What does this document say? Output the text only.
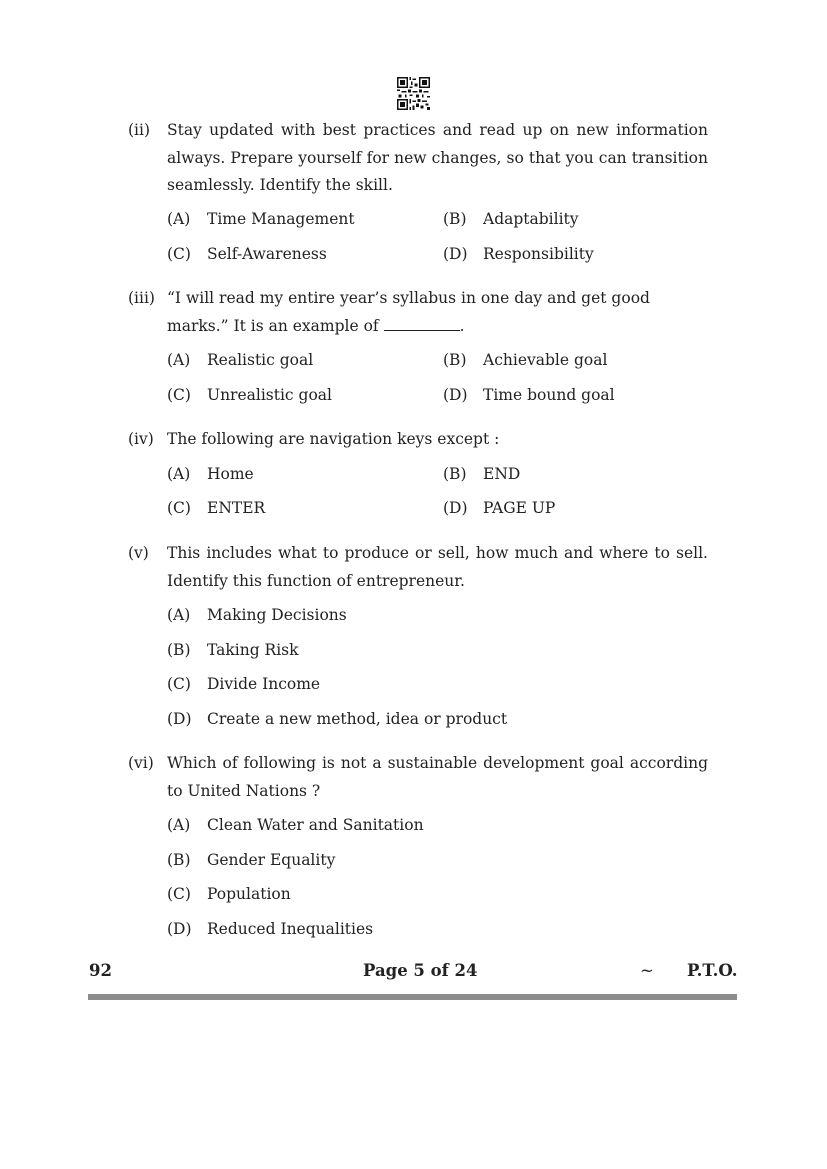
(ii)	Stay updated with best practices and read up on new information always. Prepare yourself for new changes, so that you can transition seamlessly. Identify the skill.
(A) Time Management	(B) Adaptability
(C) Self-Awareness	(D) Responsibility
(iii) “I will read my entire year’s syllabus in one day and get good marks.” It is an example of	.
(A) Realistic goal	(B) Achievable goal
(C) Unrealistic goal	(D) Time bound goal
(iv) The following are navigation keys except :
(A) Home	(B) END
(C) ENTER	(D) PAGE UP
(v)	This includes what to produce or sell, how much and where to sell. Identify this function of entrepreneur.
(A) Making Decisions
(B) Taking Risk
(C) Divide Income
(D) Create a new method, idea or product
(vi) Which of following is not a sustainable development goal according to United Nations ?
(A) Clean Water and Sanitation
(B) Gender Equality
(C) Population
(D) Reduced Inequalities
92	Page 5 of 24	~ P.T.O.
